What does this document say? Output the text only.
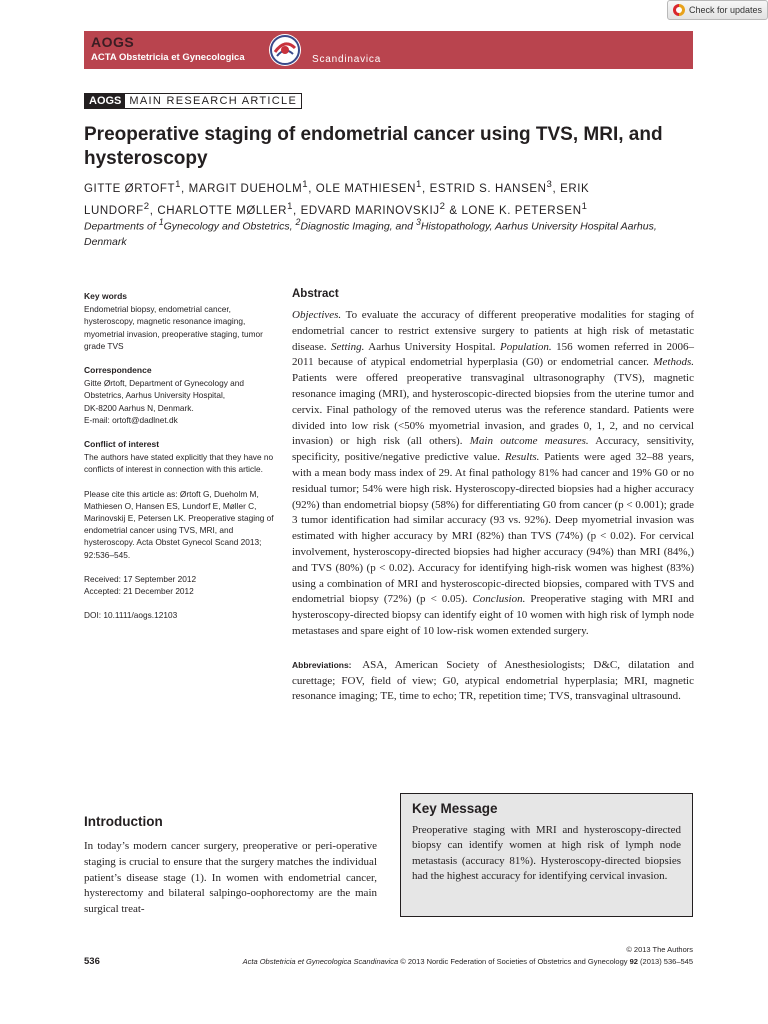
Check for updates
AOGS
ACTA Obstetricia et Gynecologica	Scandinavica
AOGS MAIN RESEARCH ARTICLE
Preoperative staging of endometrial cancer using TVS, MRI, and hysteroscopy
GITTE ØRTOFT$^1$, MARGIT DUEHOLM$^1$, OLE MATHIESEN$^1$, ESTRID S. HANSEN$^3$, ERIK LUNDORF$^2$, CHARLOTTE MØLLER$^1$, EDVARD MARINOVSKIJ$^2$ & LONE K. PETERSEN$^1$
Departments of $^1$Gynecology and Obstetrics, $^2$Diagnostic Imaging, and $^3$Histopathology, Aarhus University Hospital Aarhus, Denmark
Key words

Endometrial biopsy, endometrial cancer, hysteroscopy, magnetic resonance imaging, myometrial invasion, preoperative staging, tumor grade TVS

Correspondence
Gitte Ørtoft, Department of Gynecology and
Obstetrics, Aarhus University Hospital,
DK-8200 Aarhus N, Denmark.
E-mail: ortoft@dadlnet.dk
Conflict of interest

The authors have stated explicitly that they have no conflicts of interest in connection with this article.

Please cite this article as: Ørtoft G, Dueholm M, Mathiesen O, Hansen ES, Lundorf E, Møller C, Marinovskij E, Petersen LK. Preoperative staging of endometrial cancer using TVS, MRI, and hysteroscopy. Acta Obstet Gynecol Scand 2013; 92:536–545.

Received: 17 September 2012
Accepted: 21 December 2012
DOI: 10.1111/aogs.12103
Abstract

Objectives. To evaluate the accuracy of different preoperative modalities for staging of endometrial cancer to restrict extensive surgery to patients at high risk of metastatic disease. Setting. Aarhus University Hospital. Population. 156 women referred in 2006–2011 because of atypical endometrial hyperplasia (G0) or endometrial cancer. Methods. Patients were offered preoperative transvaginal ultrasonography (TVS), magnetic resonance imaging (MRI), and hysteroscopic-directed biopsies from the uterine tumor and cervix. Final pathology of the removed uterus was the reference standard. Patients were divided into low risk (<50% myometrial invasion, and grades 0, 1, 2, and no cervical invasion) or high risk (all others). Main outcome measures. Accuracy, sensitivity, specificity, positive/negative predictive value. Results. Patients were aged 32–88 years, with a mean body mass index of 29. At final pathology 81% had cancer and 19% G0 or no residual tumor; 54% were high risk. Hysteroscopy-directed biopsies had a higher accuracy (92%) than endometrial biopsy (58%) for differentiating G0 from cancer (p < 0.001); grade 3 tumor identification had similar accuracy (93 vs. 92%). Deep myometrial invasion was estimated with higher accuracy by MRI (82%) than TVS (74%) (p < 0.02). For cervical involvement, hysteroscopy-directed biopsies had higher accuracy (94%) than MRI (84%,) and TVS (80%) (p < 0.02). Accuracy for identifying high-risk women was highest (83%) using a combination of MRI and hysteroscopic-directed biopsies, compared with TVS and endometrial biopsy (72%) (p < 0.05). Conclusion. Preoperative staging with MRI and hysteroscopy-directed biopsy can identify eight of 10 women with high risk of lymph node metastases and spare eight of 10 low-risk women extended surgery.

Abbreviations: ASA, American Society of Anesthesiologists; D&C, dilatation and curettage; FOV, field of view; G0, atypical endometrial hyperplasia; MRI, magnetic resonance imaging; TE, time to echo; TR, repetition time; TVS, transvaginal ultrasound.

Introduction

In today’s modern cancer surgery, preoperative or peri-operative staging is crucial to ensure that the surgery matches the individual patient’s disease stage (1). In women with endometrial cancer, hysterectomy and bilateral salpingo-oophorectomy are the main surgical treat-

Key Message

Preoperative staging with MRI and hysteroscopy-directed biopsy can identify women at high risk of lymph node metastasis (accuracy 81%). Hysteroscopy-directed biopsies had the highest accuracy for identifying cervical invasion.

© 2013 The Authors
536	Acta Obstetricia et Gynecologica Scandinavica © 2013 Nordic Federation of Societies of Obstetrics and Gynecology 92 (2013) 536–545
